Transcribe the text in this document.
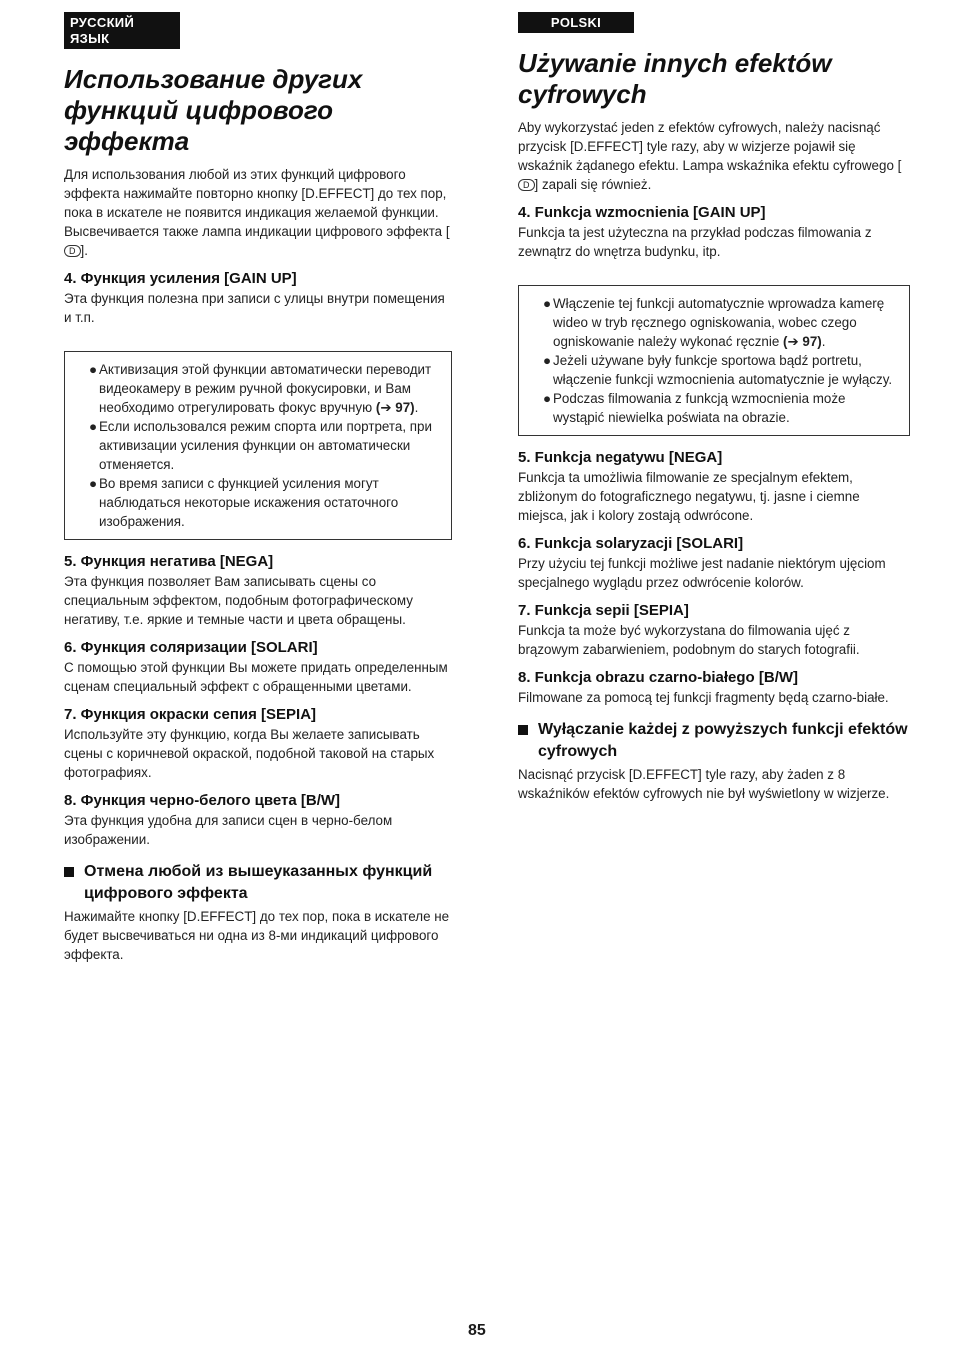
РУССКИЙ ЯЗЫК
Использование других функций цифрового эффекта

Для использования любой из этих функций цифрового эффекта нажимайте повторно кнопку [D.EFFECT] до тех пор, пока в искателе не появится индикация желаемой функции. Высвечивается также лампа индикации цифрового эффекта [D ].

4. Функция усиления [GAIN UP]

Эта функция полезна при записи с улицы внутри помещения и т.п.

● Активизация этой функции автоматически переводит видеокамеру в режим ручной фокусировки, и Вам необходимо отрегулировать фокус вручную (➔ 97).
● Если использовался режим спорта или портрета, при активизации усиления функции он автоматически отменяется.
● Во время записи с функцией усиления могут наблюдаться некоторые искажения остаточного изображения.
5. Функция негатива [NEGA]

Эта функция позволяет Вам записывать сцены со специальным эффектом, подобным фотографическому негативу, т.е. яркие и темные части и цвета обращены.

6. Функция соляризации [SOLARI]

С помощью этой функции Вы можете придать определенным сценам специальный эффект с обращенными цветами.

7. Функция окраски сепия [SEPIA]

Используйте эту функцию, когда Вы желаете записывать сцены с коричневой окраской, подобной таковой на старых фотографиях.

8. Функция черно-белого цвета [B/W]

Эта функция удобна для записи сцен в черно-белом изображении.

Отмена любой из вышеуказанных функций цифрового эффекта

Нажимайте кнопку [D.EFFECT] до тех пор, пока в искателе не будет высвечиваться ни одна из 8-ми индикаций цифрового эффекта.

POLSKI
Używanie innych efektów cyfrowych

Aby wykorzystać jeden z efektów cyfrowych, należy nacisnąć przycisk [D.EFFECT] tyle razy, aby w wizjerze pojawił się wskaźnik żądanego efektu. Lampa wskaźnika efektu cyfrowego [D ] zapali się również.

4. Funkcja wzmocnienia [GAIN UP]

Funkcja ta jest użyteczna na przykład podczas filmowania z zewnątrz do wnętrza budynku, itp.

● Włączenie tej funkcji automatycznie wprowadza kamerę wideo w tryb ręcznego ogniskowania, wobec czego ogniskowanie należy wykonać ręcznie (➔ 97).
● Jeżeli używane były funkcje sportowa bądź portretu, włączenie funkcji wzmocnienia automatycznie je wyłączy.
● Podczas filmowania z funkcją wzmocnienia może wystąpić niewielka poświata na obrazie.
5. Funkcja negatywu [NEGA]

Funkcja ta umożliwia filmowanie ze specjalnym efektem, zbliżonym do fotograficznego negatywu, tj. jasne i ciemne miejsca, jak i kolory zostają odwrócone.

6. Funkcja solaryzacji [SOLARI]

Przy użyciu tej funkcji możliwe jest nadanie niektórym ujęciom specjalnego wyglądu przez odwrócenie kolorów.

7. Funkcja sepii [SEPIA]

Funkcja ta może być wykorzystana do filmowania ujęć z brązowym zabarwieniem, podobnym do starych fotografii.

8. Funkcja obrazu czarno-białego [B/W]

Filmowane za pomocą tej funkcji fragmenty będą czarno-białe.

Wyłączanie każdej z powyższych funkcji efektów cyfrowych

Nacisnąć przycisk [D.EFFECT] tyle razy, aby żaden z 8 wskaźników efektów cyfrowych nie był wyświetlony w wizjerze.

85
